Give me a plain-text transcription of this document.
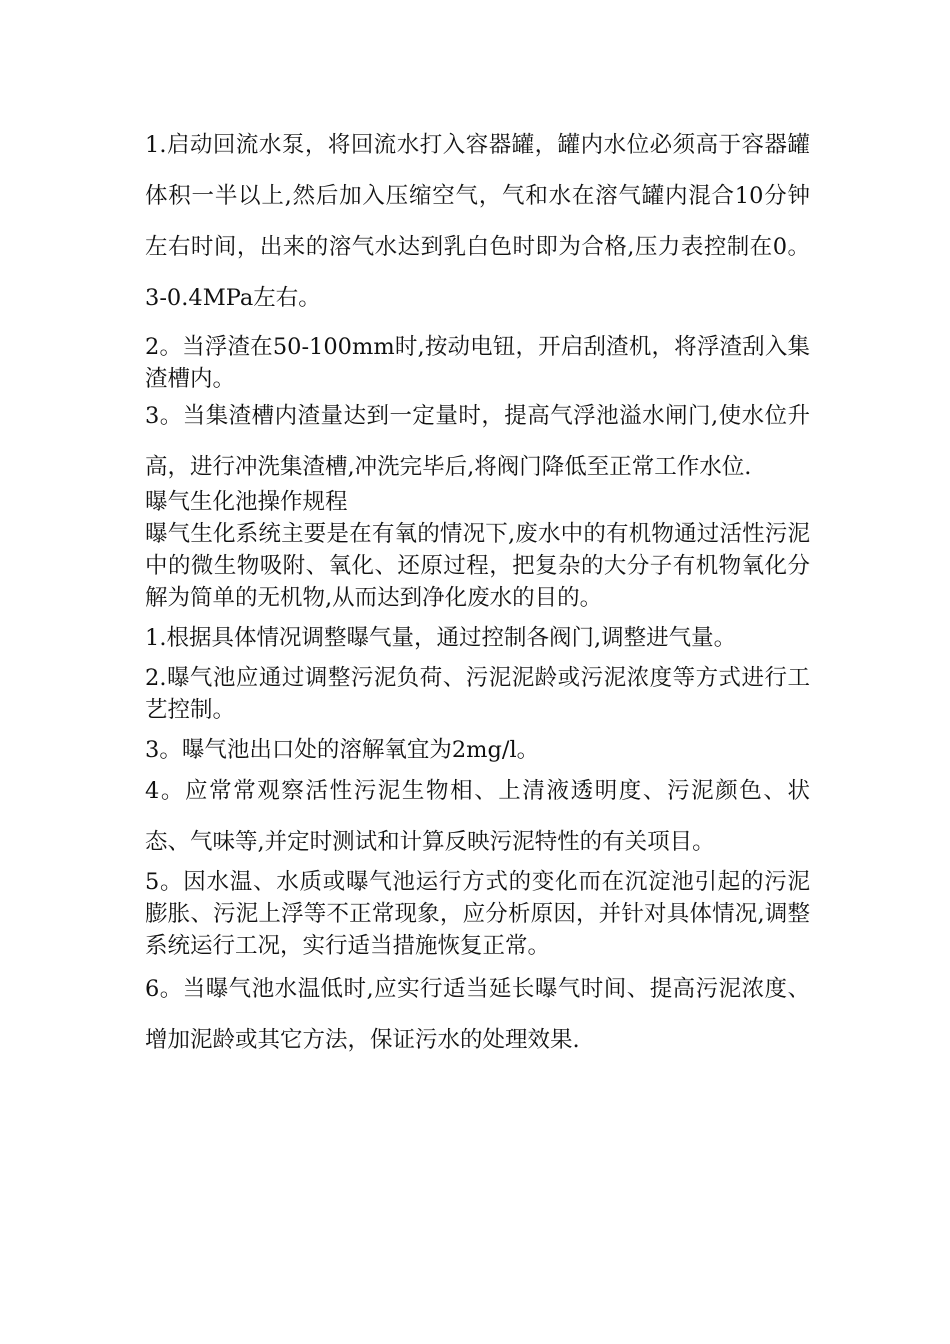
1.启动回流水泵，将回流水打入容器罐，罐内水位必须高于容器罐体积一半以上,然后加入压缩空气，气和水在溶气罐内混合10分钟左右时间，出来的溶气水达到乳白色时即为合格,压力表控制在0。3-0.4MPa左右。

2。当浮渣在50-100mm时,按动电钮，开启刮渣机，将浮渣刮入集渣槽内。

3。当集渣槽内渣量达到一定量时，提高气浮池溢水闸门,使水位升高，进行冲洗集渣槽,冲洗完毕后,将阀门降低至正常工作水位.

曝气生化池操作规程

曝气生化系统主要是在有氧的情况下,废水中的有机物通过活性污泥中的微生物吸附、氧化、还原过程，把复杂的大分子有机物氧化分解为简单的无机物,从而达到净化废水的目的。

1.根据具体情况调整曝气量，通过控制各阀门,调整进气量。

2.曝气池应通过调整污泥负荷、污泥泥龄或污泥浓度等方式进行工艺控制。

3。曝气池出口处的溶解氧宜为2mg/l。

4。应常常观察活性污泥生物相、上清液透明度、污泥颜色、状态、气味等,并定时测试和计算反映污泥特性的有关项目。

5。因水温、水质或曝气池运行方式的变化而在沉淀池引起的污泥膨胀、污泥上浮等不正常现象，应分析原因，并针对具体情况,调整系统运行工况，实行适当措施恢复正常。

6。当曝气池水温低时,应实行适当延长曝气时间、提高污泥浓度、增加泥龄或其它方法，保证污水的处理效果.
